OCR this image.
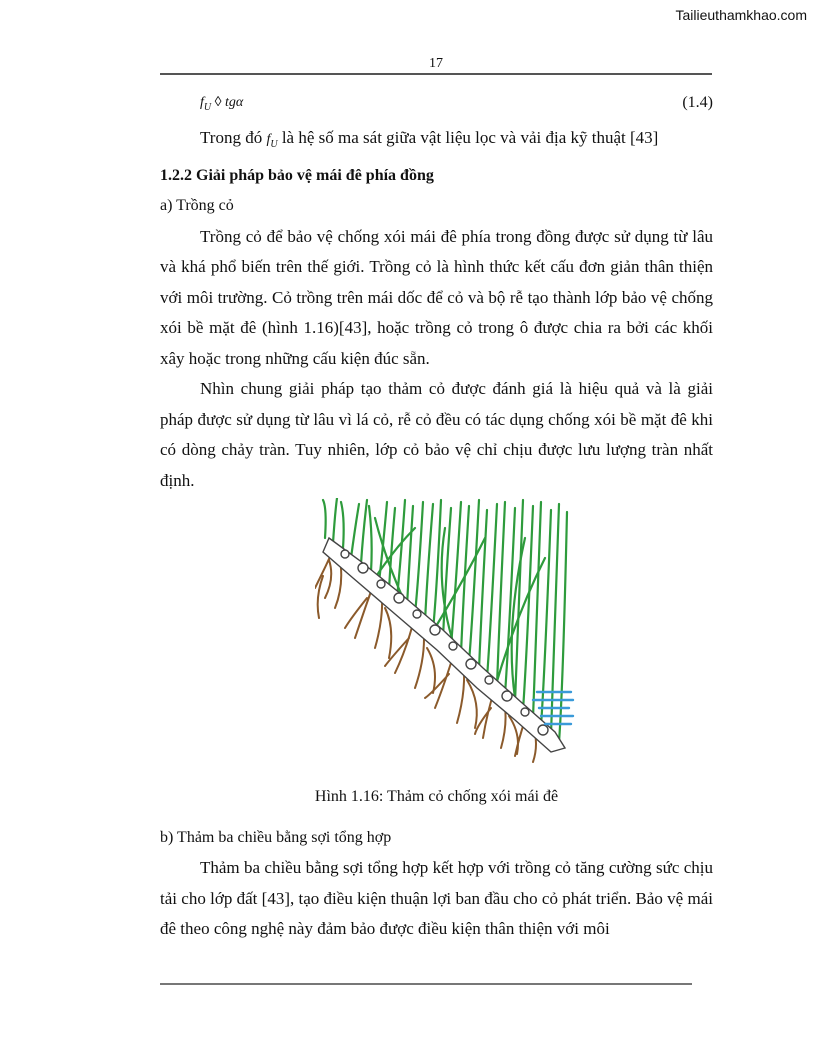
Tailieuthamkhao.com
17
$f_U$ ◊ tgα	(1.4)

Trong đó $f_U$ là hệ số ma sát giữa vật liệu lọc và vải địa kỹ thuật [43]

1.2.2 Giải pháp bảo vệ mái đê phía đồng

a) Trồng cỏ

Trồng cỏ để bảo vệ chống xói mái đê phía trong đồng được sử dụng từ lâu và khá phổ biến trên thế giới. Trồng cỏ là hình thức kết cấu đơn giản thân thiện với môi trường. Cỏ trồng trên mái dốc để cỏ và bộ rễ tạo thành lớp bảo vệ chống xói bề mặt đê (hình 1.16)[43], hoặc trồng cỏ trong ô được chia ra bởi các khối xây hoặc trong những cấu kiện đúc sẵn.

Nhìn chung giải pháp tạo thảm cỏ được đánh giá là hiệu quả và là giải pháp được sử dụng từ lâu vì lá cỏ, rễ cỏ đều có tác dụng chống xói bề mặt đê khi có dòng chảy tràn. Tuy nhiên, lớp cỏ bảo vệ chỉ chịu được lưu lượng tràn nhất định.

Hình 1.16: Thảm cỏ chống xói mái đê

b) Thảm ba chiều bằng sợi tổng hợp

Thảm ba chiều bằng sợi tổng hợp kết hợp với trồng cỏ tăng cường sức chịu tải cho lớp đất [43], tạo điều kiện thuận lợi ban đầu cho cỏ phát triển. Bảo vệ mái đê theo công nghệ này đảm bảo được điều kiện thân thiện với môi
